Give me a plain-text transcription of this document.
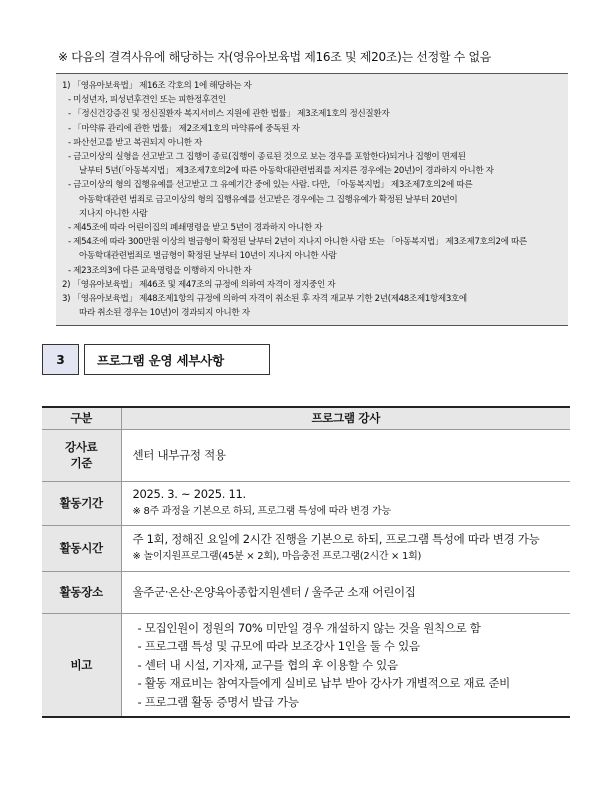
※ 다음의 결격사유에 해당하는 자(영유아보육법 제16조 및 제20조)는 선정할 수 없음
1) 「영유아보육법」 제16조 각호의 1에 해당하는 자
- 미성년자, 피성년후견인 또는 피한정후견인
- 「정신건강증진 및 정신질환자 복지서비스 지원에 관한 법률」 제3조제1호의 정신질환자
- 「마약류 관리에 관한 법률」 제2조제1호의 마약류에 중독된 자
- 파산선고를 받고 복권되지 아니한 자
- 금고이상의 실형을 선고받고 그 집행이 종료(집행이 종료된 것으로 보는 경우를 포함한다)되거나 집행이 면제된
날부터 5년(「아동복지법」 제3조제7호의2에 따른 아동학대관련범죄를 저지른 경우에는 20년)이 경과하지 아니한 자
- 금고이상의 형의 집행유예를 선고받고 그 유예기간 중에 있는 사람. 다만, 「아동복지법」 제3조제7호의2에 따른
아동학대관련 범죄로 금고이상의 형의 집행유예를 선고받은 경우에는 그 집행유예가 확정된 날부터 20년이
지나지 아니한 사람
- 제45조에 따라 어린이집의 폐쇄명령을 받고 5년이 경과하지 아니한 자
- 제54조에 따라 300만원 이상의 벌금형이 확정된 날부터 2년이 지나지 아니한 사람 또는 「아동복지법」 제3조제7호의2에 따른
아동학대관련범죄로 벌금형이 확정된 날부터 10년이 지나지 아니한 사람
- 제23조의3에 다른 교육명령을 이행하지 아니한 자
2) 「영유아보육법」 제46조 및 제47조의 규정에 의하여 자격이 정지중인 자
3) 「영유아보육법」 제48조제1항의 규정에 의하여 자격이 취소된 후 자격 재교부 기한 2년(제48조제1항제3호에
따라 취소된 경우는 10년)이 경과되지 아니한 자
3	프로그램 운영 세부사항
구분	프로그램 강사

강사료
기준	센터 내부규정 적용
활동기간	2025. 3. ~ 2025. 11.
※ 8주 과정을 기본으로 하되, 프로그램 특성에 따라 변경 가능

활동시간	주 1회, 정해진 요일에 2시간 진행을 기본으로 하되, 프로그램 특성에 따라 변경 가능
※ 놀이지원프로그램(45분 × 2회), 마음충전 프로그램(2시간 × 1회)

활동장소	울주군·온산·온양육아종합지원센터 / 울주군 소재 어린이집
비고	- 모집인원이 정원의 70% 미만일 경우 개설하지 않는 것을 원칙으로 함
- 프로그램 특성 및 규모에 따라 보조강사 1인을 둘 수 있음
- 센터 내 시설, 기자재, 교구를 협의 후 이용할 수 있음
- 활동 재료비는 참여자들에게 실비로 납부 받아 강사가 개별적으로 재료 준비
- 프로그램 활동 증명서 발급 가능
